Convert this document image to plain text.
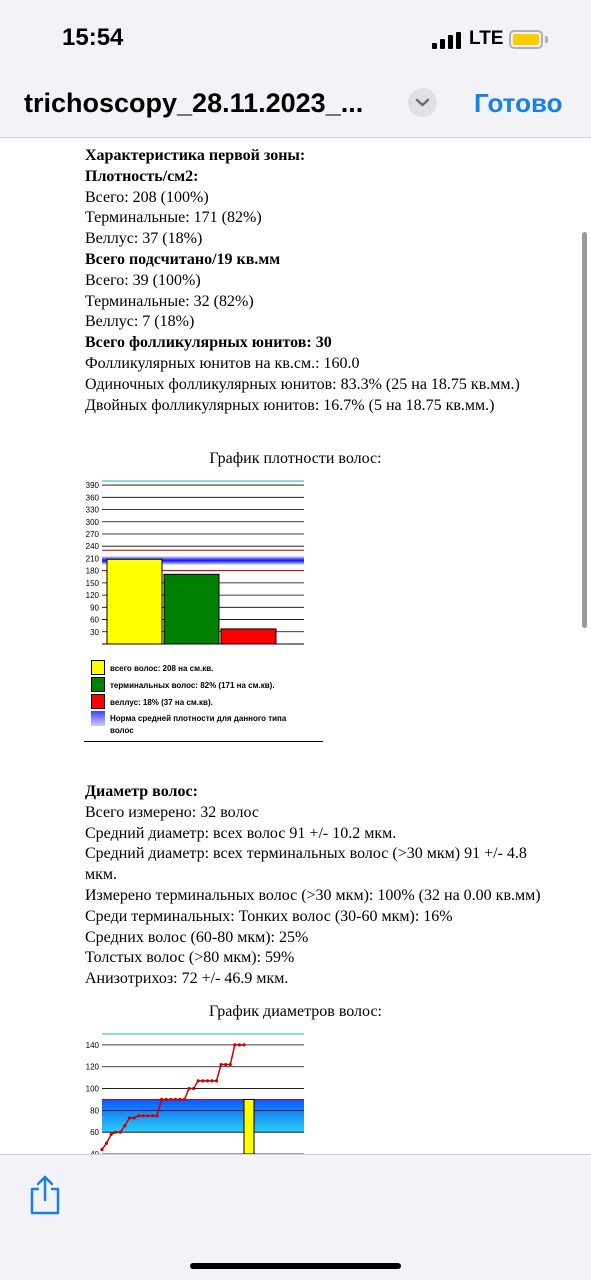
15:54	LTE
trichoscopy_28.11.2023_...	Готово
Характеристика первой зоны:
Плотность/см2:
Всего: 208 (100%)
Терминальные: 171 (82%)
Веллус: 37 (18%)
Всего подсчитано/19 кв.мм
Всего: 39 (100%)
Терминальные: 32 (82%)
Веллус: 7 (18%)
Всего фолликулярных юнитов: 30
Фолликулярных юнитов на кв.см.: 160.0
Одиночных фолликулярных юнитов: 83.3% (25 на 18.75 кв.мм.)
Двойных фолликулярных юнитов: 16.7% (5 на 18.75 кв.мм.)
График плотности волос:
30
60
90
120
150
180
210
240
270
300
330
360
390
всего волос: 208 на см.кв.
терминальных волос: 82% (171 на см.кв).
веллус: 18% (37 на см.кв).
Норма средней плотности для данного типа
волос
Диаметр волос:
Всего измерено: 32 волос
Средний диаметр: всех волос 91 +/- 10.2 мкм.
Средний диаметр: всех терминальных волос (>30 мкм) 91 +/- 4.8 мкм.
Измерено терминальных волос (>30 мкм): 100% (32 на 0.00 кв.мм)
Среди терминальных: Тонких волос (30-60 мкм): 16%
Средних волос (60-80 мкм): 25%
Толстых волос (>80 мкм): 59%
Анизотрихоз: 72 +/- 46.9 мкм.
График диаметров волос:
60
80
100
120
140
